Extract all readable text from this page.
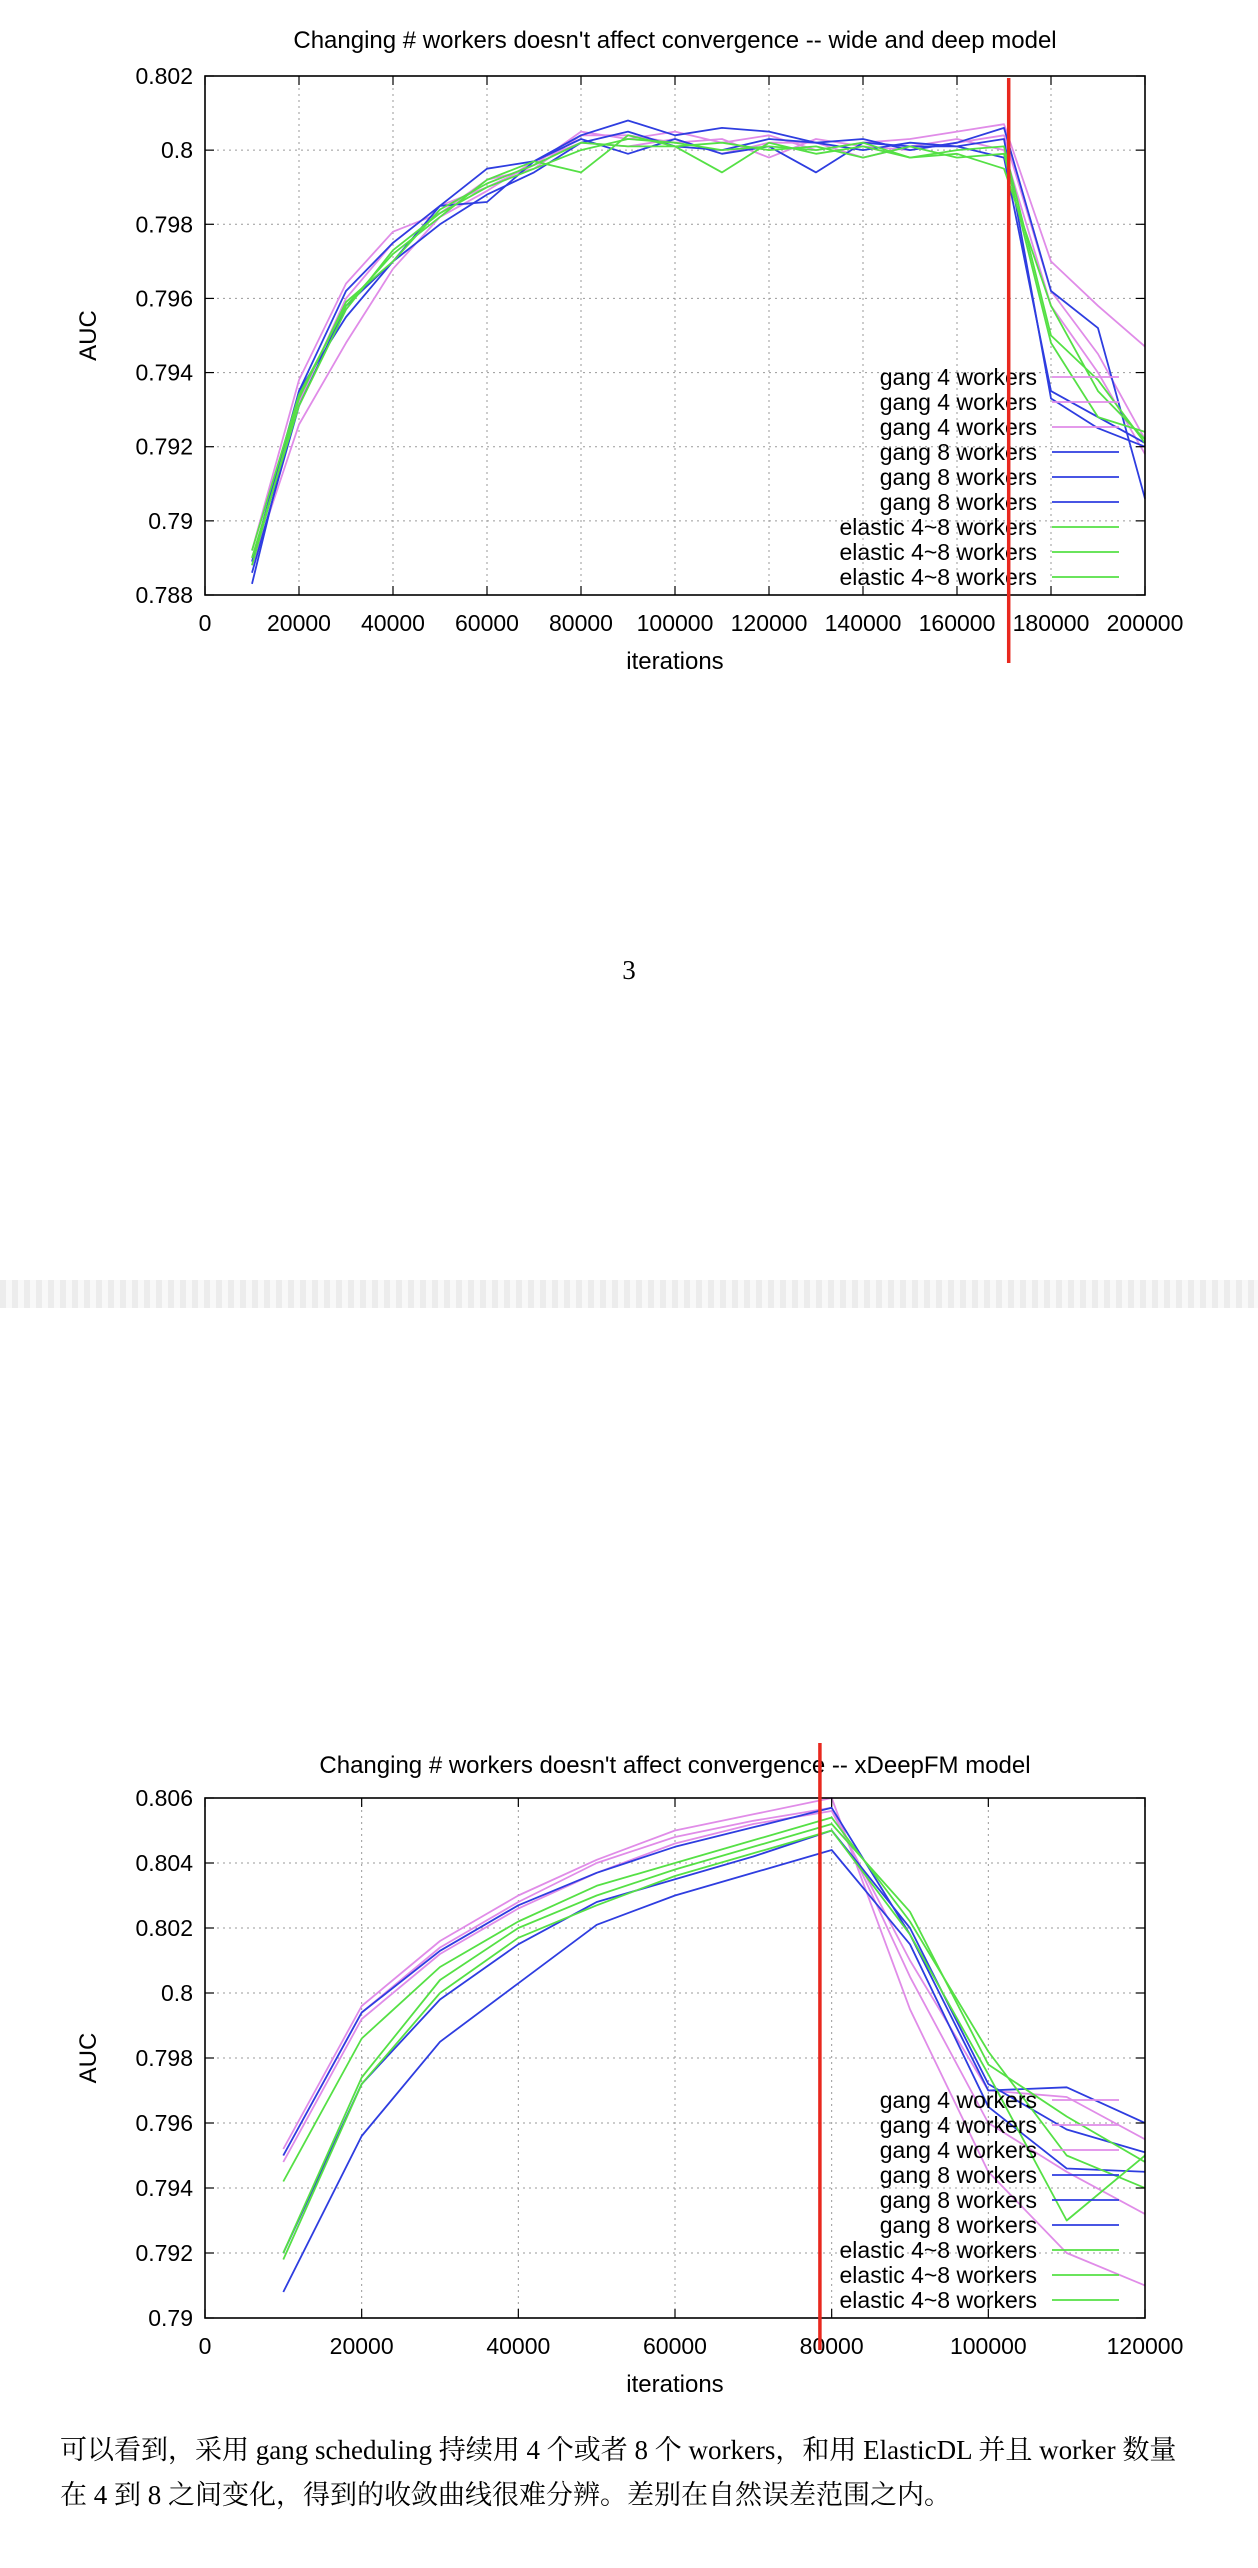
0.788
0.79
0.792
0.794
0.796
0.798
0.8
0.802
0 20000 40000 60000 80000 100000 120000 140000 160000 180000 200000
Changing # workers doesn't affect convergence -- wide and deep model
iterations
AUC
gang 4 workers
gang 4 workers
gang 4 workers
gang 8 workers
gang 8 workers
gang 8 workers
elastic 4~8 workers
elastic 4~8 workers
elastic 4~8 workers
3
0.79
0.792
0.794
0.796
0.798
0.8
0.802
0.804
0.806
0	20000	40000	60000	80000	100000	120000
Changing # workers doesn't affect convergence -- xDeepFM model
iterations
AUC
gang 4 workers
gang 4 workers
gang 4 workers
gang 8 workers
gang 8 workers
gang 8 workers
elastic 4~8 workers
elastic 4~8 workers
elastic 4~8 workers
可以看到，采用 gang scheduling 持续用 4 个或者 8 个 workers，和用 ElasticDL 并且 worker 数量在 4 到 8 之间变化，得到的收敛曲线很难分辨。差别在自然误差范围之内。
